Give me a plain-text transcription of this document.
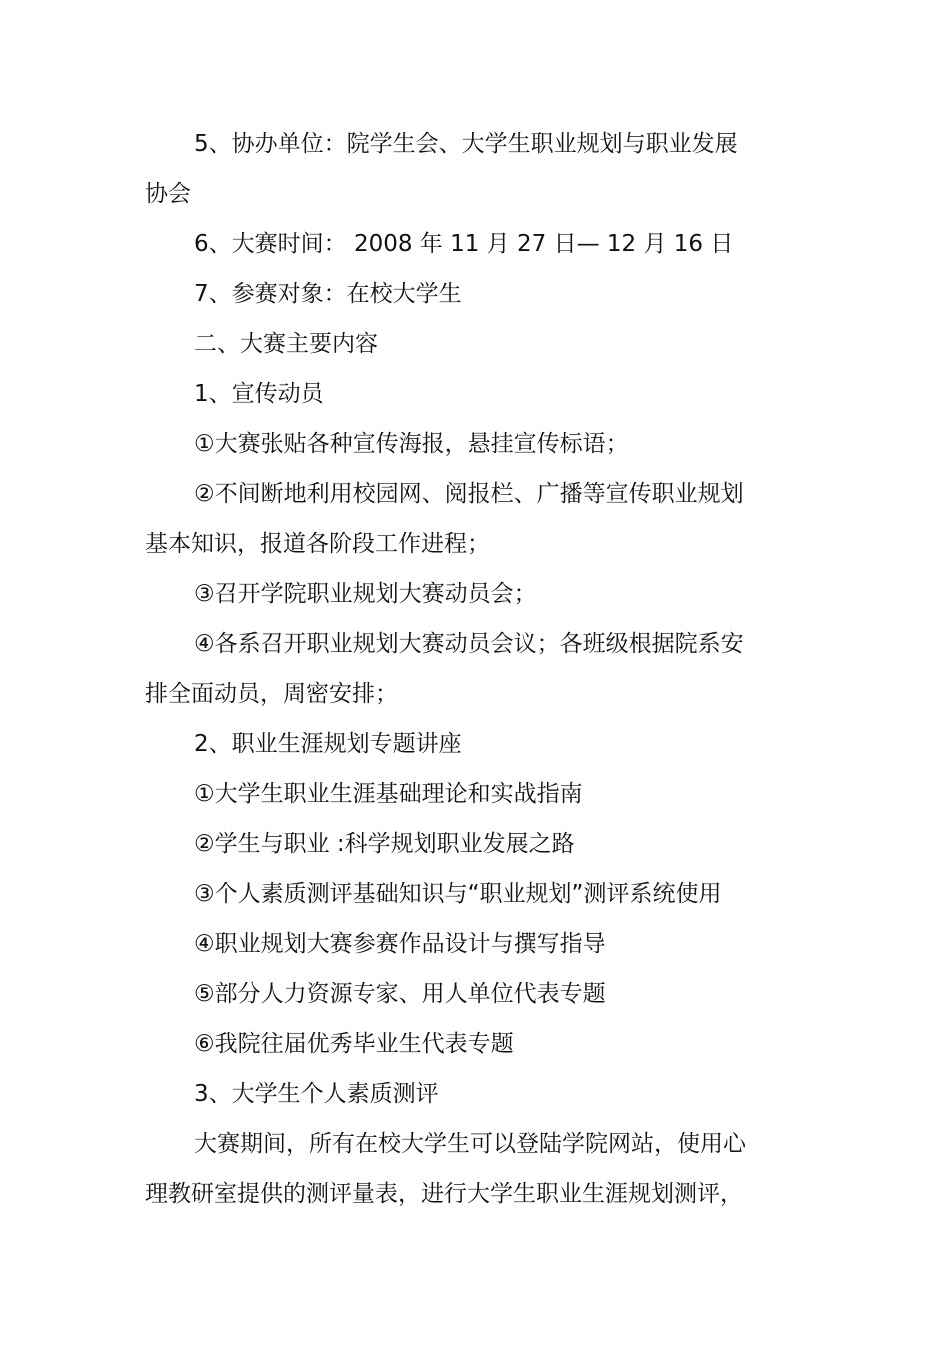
5、协办单位：院学生会、大学生职业规划与职业发展
协会
6、大赛时间： 2008 年 11 月 27 日— 12 月 16 日
7、参赛对象：在校大学生
二、大赛主要内容
1、宣传动员
①大赛张贴各种宣传海报，悬挂宣传标语；
②不间断地利用校园网、阅报栏、广播等宣传职业规划
基本知识，报道各阶段工作进程；
③召开学院职业规划大赛动员会；
④各系召开职业规划大赛动员会议；各班级根据院系安
排全面动员，周密安排；
2、职业生涯规划专题讲座
①大学生职业生涯基础理论和实战指南
②学生与职业 :科学规划职业发展之路
③个人素质测评基础知识与“职业规划”测评系统使用
④职业规划大赛参赛作品设计与撰写指导
⑤部分人力资源专家、用人单位代表专题
⑥我院往届优秀毕业生代表专题
3、大学生个人素质测评
大赛期间，所有在校大学生可以登陆学院网站，使用心
理教研室提供的测评量表，进行大学生职业生涯规划测评，
